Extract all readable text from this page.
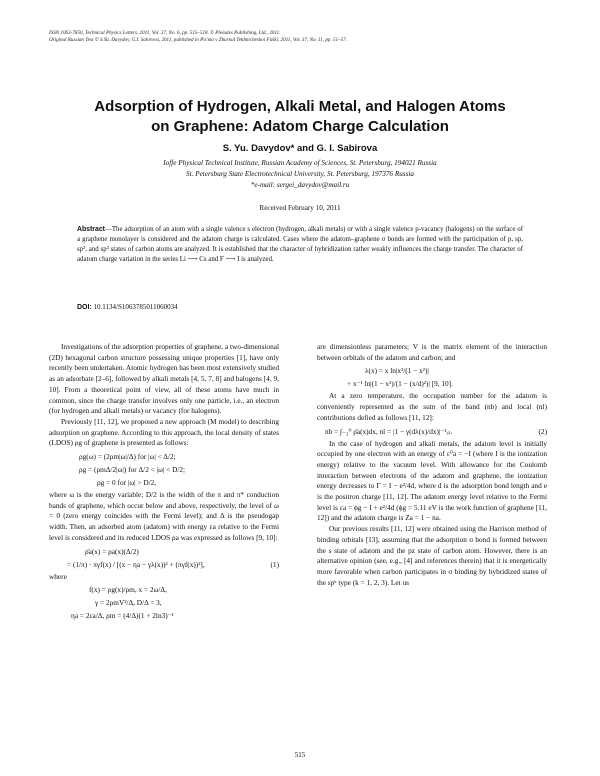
ISSN 1063-7850, Technical Physics Letters, 2011, Vol. 37, No. 6, pp. 515–518. © Pleiades Publishing, Ltd., 2011.
Original Russian Text © S.Yu. Davydov, G.I. Sabirova, 2011, published in Pis'ma v Zhurnal Tekhnicheskoi Fiziki, 2011, Vol. 37, No. 11, pp. 51–57.
Adsorption of Hydrogen, Alkali Metal, and Halogen Atoms
on Graphene: Adatom Charge Calculation
S. Yu. Davydov* and G. I. Sabirova
Ioffe Physical Technical Institute, Russian Academy of Sciences, St. Petersburg, 194021 Russia
St. Petersburg State Electrotechnical University, St. Petersburg, 197376 Russia
*e-mail: sergei_davydov@mail.ru
Received February 10, 2011
Abstract—The adsorption of an atom with a single valence s electron (hydrogen, alkali metals) or with a single valence p-vacancy (halogens) on the surface of a graphene monolayer is considered and the adatom charge is calculated. Cases where the adatom–graphene σ bonds are formed with the participation of p, sp, sp², and sp³ states of carbon atoms are analyzed. It is established that the character of hybridization rather weakly influences the charge transfer. The character of adatom charge variation in the series Li ⟶ Cs and F ⟶ I is analyzed.
DOI: 10.1134/S1063785011060034

Investigations of the adsorption properties of graphene, a two-dimensional (2D) hexagonal carbon structure possessing unique properties [1], have only recently been undertaken. Atomic hydrogen has been most extensively studied as an adsorbate [2–6], followed by alkali metals [4, 5, 7, 8] and halogens [4, 9, 10]. From a theoretical point of view, all of these atoms have much in common, since the charge transfer involves only one particle, i.e., an electron (for hydrogen and alkali metals) or vacancy (for halogens).

Previously [11, 12], we proposed a new approach (M model) to describing adsorption on graphene. According to this approach, the local density of states (LDOS) ρg of graphene is presented as follows:

ρg(ω) = (2ρm|ω|/Δ) for |ω| < Δ/2;
ρg = (ρmΔ/2|ω|) for Δ/2 < |ω| < D/2;
ρg = 0 for |ω| > D/2,

where ω is the energy variable; D/2 is the width of the π and π* conduction bands of graphene, which occur below and above, respectively, the level of ω = 0 (zero energy coincides with the Fermi level); and Δ is the pseudogap width. Then, an adsorbed atom (adatom) with energy εa relative to the Fermi level is considered and its reduced LDOS ρa was expressed as follows [9, 10]:

ρ̄a(x) = ρa(x)(Δ/2)
= (1/π) · πγf(x) / [(x − ηa − γλ(x))² + (πγf(x))²],	(1)

where

f(x) = ρg(x)/ρm, x = 2ω/Δ,
γ = 2ρmV²/Δ, D/Δ = 3,
ηa = 2εa/Δ, ρm = (4/Δ)(1 + 2ln3)⁻¹

are dimensionless parameters; V is the matrix element of the interaction between orbitals of the adatom and carbon; and

λ(x) = x ln|x²/(1 − x²)|
+ x⁻¹ ln|(1 − x²)/(1 − (x/d)²)| [9, 10].

At a zero temperature, the occupation number for the adatom is conveniently represented as the sum of the band (nb) and local (nl) contributions defied as follows [11, 12]:

nb = ∫₋₃⁰ ρ̄a(x)dx, nl = |1 − γ(dλ(x)/dx)|⁻¹ₓₗ.	(2)

In the case of hydrogen and alkali metals, the adatom level is initially occupied by one electron with an energy of ε⁰a = −I (where I is the ionization energy) relative to the vacuum level. With allowance for the Coulomb interaction between electrons of the adatom and graphene, the ionization energy decreases to Γ = I − e²/4d, where d is the adsorption bond length and e is the positron charge [11, 12]. The adatom energy level relative to the Fermi level is εa = ϕg − I + e²/4d (ϕg = 5.11 eV is the work function of graphene [11, 12]) and the adatom charge is Za = 1 − na.

Our previous results [11, 12] were obtained using the Harrison method of binding orbitals [13], assuming that the adsorption σ bond is formed between the s state of adatom and the pz state of carbon atom. However, there is an alternative opinion (see, e.g., [4] and references therein) that it is energetically more favorable when carbon participates in σ binding by hybridized states of the spᵏ type (k = 1, 2, 3). Let us

515
